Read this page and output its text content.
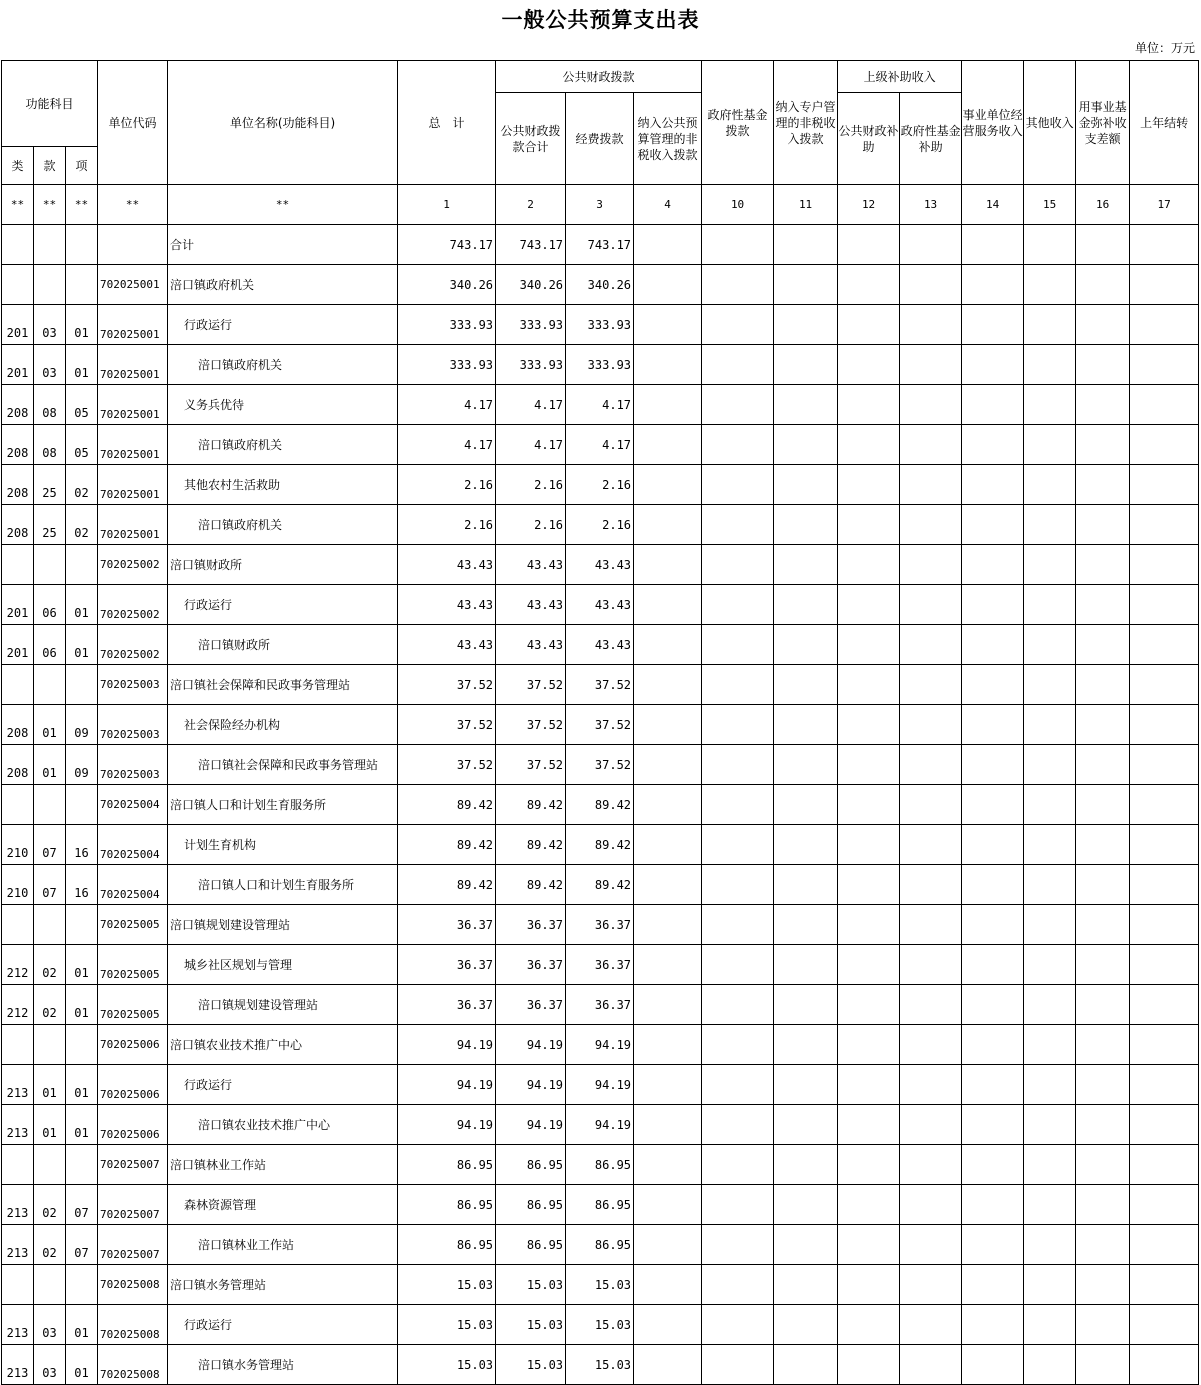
一般公共预算支出表
单位：万元
功能科目			单位代码	单位名称(功能科目)	总　计	公共财政拨款			政府性基金拨款	纳入专户管理的非税收入拨款	上级补助收入		事业单位经营服务收入	其他收入	用事业基金弥补收支差额	上年结转
						公共财政拨款合计	经费拨款	纳入公共预算管理的非税收入拨款			公共财政补助	政府性基金补助				
类	款	项														
**	**	**	**	**	1	2	3	4	10	11	12	13	14	15	16	17
				合计	743.17	743.17	743.17									
			702025001	涪口镇政府机关	340.26	340.26	340.26									
201	03	01	702025001	行政运行	333.93	333.93	333.93									
201	03	01	702025001	涪口镇政府机关	333.93	333.93	333.93									
208	08	05	702025001	义务兵优待	4.17	4.17	4.17									
208	08	05	702025001	涪口镇政府机关	4.17	4.17	4.17									
208	25	02	702025001	其他农村生活救助	2.16	2.16	2.16									
208	25	02	702025001	涪口镇政府机关	2.16	2.16	2.16									
			702025002	涪口镇财政所	43.43	43.43	43.43									
201	06	01	702025002	行政运行	43.43	43.43	43.43									
201	06	01	702025002	涪口镇财政所	43.43	43.43	43.43									
			702025003	涪口镇社会保障和民政事务管理站	37.52	37.52	37.52									
208	01	09	702025003	社会保险经办机构	37.52	37.52	37.52									
208	01	09	702025003	涪口镇社会保障和民政事务管理站	37.52	37.52	37.52									
			702025004	涪口镇人口和计划生育服务所	89.42	89.42	89.42									
210	07	16	702025004	计划生育机构	89.42	89.42	89.42									
210	07	16	702025004	涪口镇人口和计划生育服务所	89.42	89.42	89.42									
			702025005	涪口镇规划建设管理站	36.37	36.37	36.37									
212	02	01	702025005	城乡社区规划与管理	36.37	36.37	36.37									
212	02	01	702025005	涪口镇规划建设管理站	36.37	36.37	36.37									
			702025006	涪口镇农业技术推广中心	94.19	94.19	94.19									
213	01	01	702025006	行政运行	94.19	94.19	94.19									
213	01	01	702025006	涪口镇农业技术推广中心	94.19	94.19	94.19									
			702025007	涪口镇林业工作站	86.95	86.95	86.95									
213	02	07	702025007	森林资源管理	86.95	86.95	86.95									
213	02	07	702025007	涪口镇林业工作站	86.95	86.95	86.95									
			702025008	涪口镇水务管理站	15.03	15.03	15.03									
213	03	01	702025008	行政运行	15.03	15.03	15.03									
213	03	01	702025008	涪口镇水务管理站	15.03	15.03	15.03									
